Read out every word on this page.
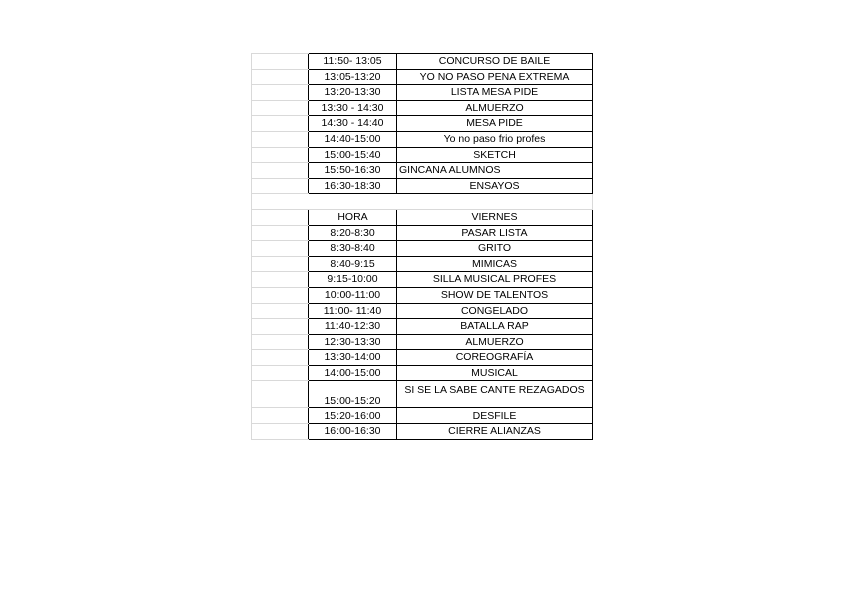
	11:50- 13:05	CONCURSO DE BAILE
	13:05-13:20	YO NO PASO PENA EXTREMA
	13:20-13:30	LISTA MESA PIDE
	13:30 - 14:30	ALMUERZO
	14:30 - 14:40	MESA PIDE
	14:40-15:00	Yo no paso frio profes
	15:00-15:40	SKETCH
	15:50-16:30	GINCANA ALUMNOS
	16:30-18:30	ENSAYOS

	HORA	VIERNES
	8:20-8:30	PASAR LISTA
	8:30-8:40	GRITO
	8:40-9:15	MIMICAS
	9:15-10:00	SILLA MUSICAL PROFES
	10:00-11:00	SHOW DE TALENTOS
	11:00- 11:40	CONGELADO
	11:40-12:30	BATALLA RAP
	12:30-13:30	ALMUERZO
	13:30-14:00	COREOGRAFÍA
	14:00-15:00	MUSICAL
	15:00-15:20	SI SE LA SABE CANTE REZAGADOS
	15:20-16:00	DESFILE
	16:00-16:30	CIERRE ALIANZAS
